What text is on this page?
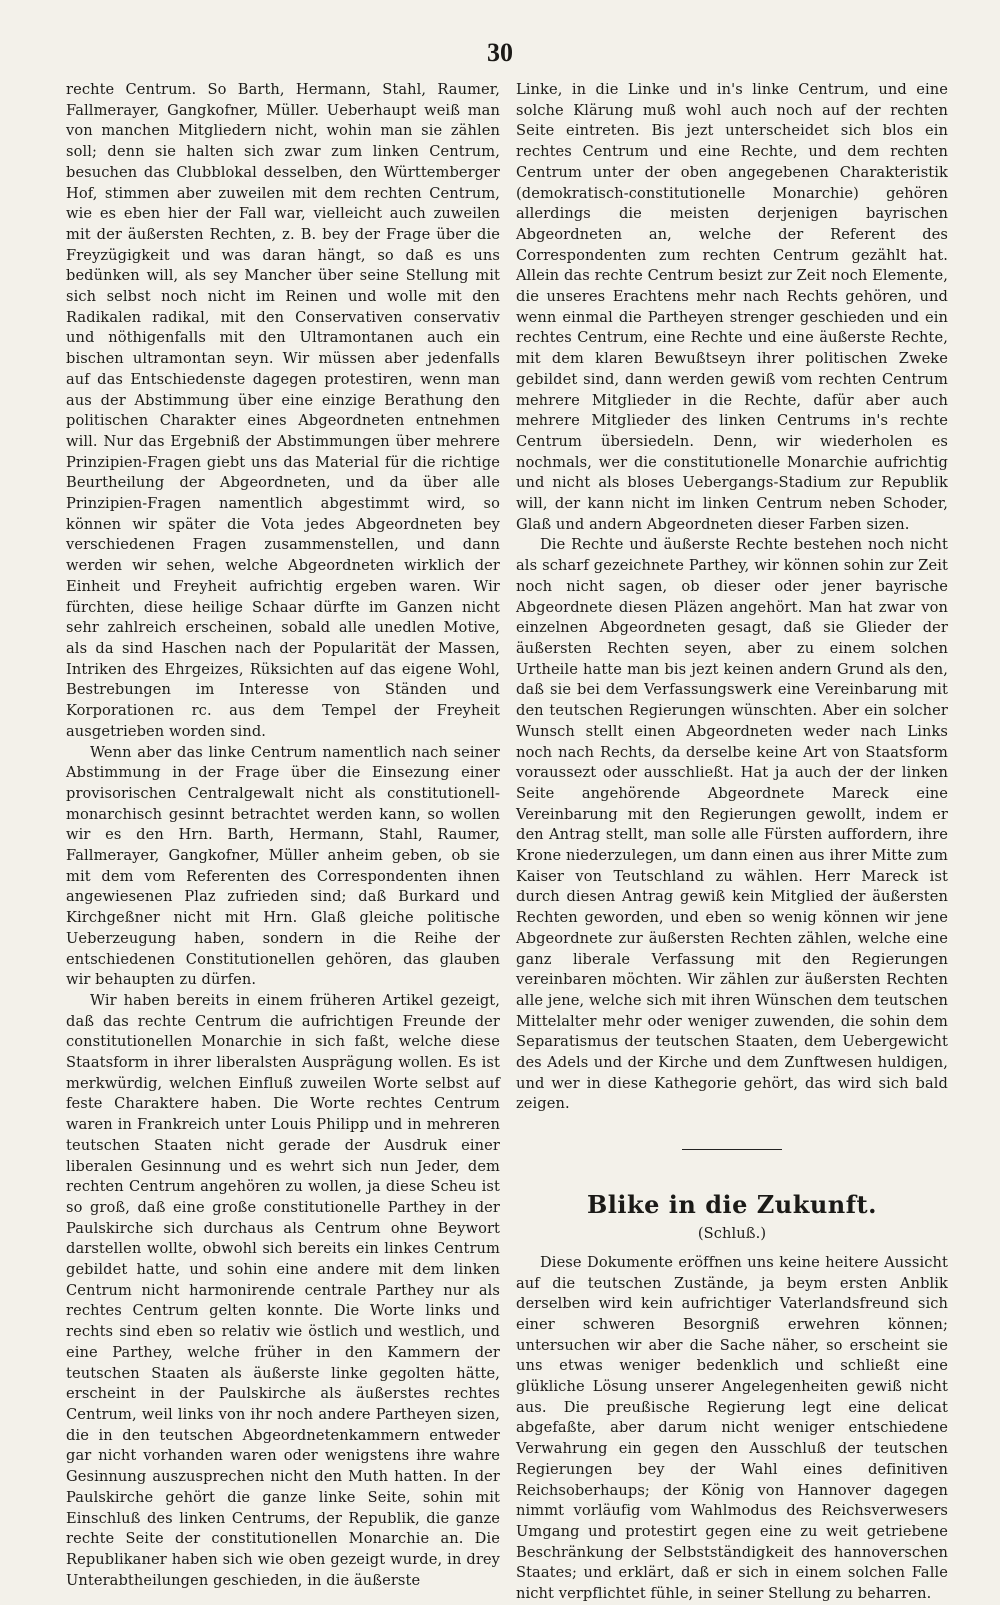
30

rechte Centrum. So Barth, Hermann, Stahl, Raumer, Fallmerayer, Gangkofner, Müller. Ueberhaupt weiß man von manchen Mitgliedern nicht, wohin man sie zählen soll; denn sie halten sich zwar zum linken Centrum, besuchen das Clubblokal desselben, den Württemberger Hof, stimmen aber zuweilen mit dem rechten Centrum, wie es eben hier der Fall war, vielleicht auch zuweilen mit der äußersten Rechten, z. B. bey der Frage über die Freyzügigkeit und was daran hängt, so daß es uns bedünken will, als sey Mancher über seine Stellung mit sich selbst noch nicht im Reinen und wolle mit den Radikalen radikal, mit den Conservativen conservativ und nöthigenfalls mit den Ultramontanen auch ein bischen ultramontan seyn. Wir müssen aber jedenfalls auf das Entschiedenste dagegen protestiren, wenn man aus der Abstimmung über eine einzige Berathung den politischen Charakter eines Abgeordneten entnehmen will. Nur das Ergebniß der Abstimmungen über mehrere Prinzipien-Fragen giebt uns das Material für die richtige Beurtheilung der Abgeordneten, und da über alle Prinzipien-Fragen namentlich abgestimmt wird, so können wir später die Vota jedes Abgeordneten bey verschiedenen Fragen zusammenstellen, und dann werden wir sehen, welche Abgeordneten wirklich der Einheit und Freyheit aufrichtig ergeben waren. Wir fürchten, diese heilige Schaar dürfte im Ganzen nicht sehr zahlreich erscheinen, sobald alle unedlen Motive, als da sind Haschen nach der Popularität der Massen, Intriken des Ehrgeizes, Rüksichten auf das eigene Wohl, Bestrebungen im Interesse von Ständen und Korporationen rc. aus dem Tempel der Freyheit ausgetrieben worden sind.

Wenn aber das linke Centrum namentlich nach seiner Abstimmung in der Frage über die Einsezung einer provisorischen Centralgewalt nicht als constitutionell-monarchisch gesinnt betrachtet werden kann, so wollen wir es den Hrn. Barth, Hermann, Stahl, Raumer, Fallmerayer, Gangkofner, Müller anheim geben, ob sie mit dem vom Referenten des Correspondenten ihnen angewiesenen Plaz zufrieden sind; daß Burkard und Kirchgeßner nicht mit Hrn. Glaß gleiche politische Ueberzeugung haben, sondern in die Reihe der entschiedenen Constitutionellen gehören, das glauben wir behaupten zu dürfen.

Wir haben bereits in einem früheren Artikel gezeigt, daß das rechte Centrum die aufrichtigen Freunde der constitutionellen Monarchie in sich faßt, welche diese Staatsform in ihrer liberalsten Ausprägung wollen. Es ist merkwürdig, welchen Einfluß zuweilen Worte selbst auf feste Charaktere haben. Die Worte rechtes Centrum waren in Frankreich unter Louis Philipp und in mehreren teutschen Staaten nicht gerade der Ausdruk einer liberalen Gesinnung und es wehrt sich nun Jeder, dem rechten Centrum angehören zu wollen, ja diese Scheu ist so groß, daß eine große constitutionelle Parthey in der Paulskirche sich durchaus als Centrum ohne Beywort darstellen wollte, obwohl sich bereits ein linkes Centrum gebildet hatte, und sohin eine andere mit dem linken Centrum nicht harmonirende centrale Parthey nur als rechtes Centrum gelten konnte. Die Worte links und rechts sind eben so relativ wie östlich und westlich, und eine Parthey, welche früher in den Kammern der teutschen Staaten als äußerste linke gegolten hätte, erscheint in der Paulskirche als äußerstes rechtes Centrum, weil links von ihr noch andere Partheyen sizen, die in den teutschen Abgeordnetenkammern entweder gar nicht vorhanden waren oder wenigstens ihre wahre Gesinnung auszusprechen nicht den Muth hatten. In der Paulskirche gehört die ganze linke Seite, sohin mit Einschluß des linken Centrums, der Republik, die ganze rechte Seite der constitutionellen Monarchie an. Die Republikaner haben sich wie oben gezeigt wurde, in drey Unterabtheilungen geschieden, in die äußerste

Linke, in die Linke und in's linke Centrum, und eine solche Klärung muß wohl auch noch auf der rechten Seite eintreten. Bis jezt unterscheidet sich blos ein rechtes Centrum und eine Rechte, und dem rechten Centrum unter der oben angegebenen Charakteristik (demokratisch-constitutionelle Monarchie) gehören allerdings die meisten derjenigen bayrischen Abgeordneten an, welche der Referent des Correspondenten zum rechten Centrum gezählt hat. Allein das rechte Centrum besizt zur Zeit noch Elemente, die unseres Erachtens mehr nach Rechts gehören, und wenn einmal die Partheyen strenger geschieden und ein rechtes Centrum, eine Rechte und eine äußerste Rechte, mit dem klaren Bewußtseyn ihrer politischen Zweke gebildet sind, dann werden gewiß vom rechten Centrum mehrere Mitglieder in die Rechte, dafür aber auch mehrere Mitglieder des linken Centrums in's rechte Centrum übersiedeln. Denn, wir wiederholen es nochmals, wer die constitutionelle Monarchie aufrichtig und nicht als bloses Uebergangs-Stadium zur Republik will, der kann nicht im linken Centrum neben Schoder, Glaß und andern Abgeordneten dieser Farben sizen.

Die Rechte und äußerste Rechte bestehen noch nicht als scharf gezeichnete Parthey, wir können sohin zur Zeit noch nicht sagen, ob dieser oder jener bayrische Abgeordnete diesen Pläzen angehört. Man hat zwar von einzelnen Abgeordneten gesagt, daß sie Glieder der äußersten Rechten seyen, aber zu einem solchen Urtheile hatte man bis jezt keinen andern Grund als den, daß sie bei dem Verfassungswerk eine Vereinbarung mit den teutschen Regierungen wünschten. Aber ein solcher Wunsch stellt einen Abgeordneten weder nach Links noch nach Rechts, da derselbe keine Art von Staatsform voraussezt oder ausschließt. Hat ja auch der der linken Seite angehörende Abgeordnete Mareck eine Vereinbarung mit den Regierungen gewollt, indem er den Antrag stellt, man solle alle Fürsten auffordern, ihre Krone niederzulegen, um dann einen aus ihrer Mitte zum Kaiser von Teutschland zu wählen. Herr Mareck ist durch diesen Antrag gewiß kein Mitglied der äußersten Rechten geworden, und eben so wenig können wir jene Abgeordnete zur äußersten Rechten zählen, welche eine ganz liberale Verfassung mit den Regierungen vereinbaren möchten. Wir zählen zur äußersten Rechten alle jene, welche sich mit ihren Wünschen dem teutschen Mittelalter mehr oder weniger zuwenden, die sohin dem Separatismus der teutschen Staaten, dem Uebergewicht des Adels und der Kirche und dem Zunftwesen huldigen, und wer in diese Kathegorie gehört, das wird sich bald zeigen.

Blike in die Zukunft.
(Schluß.)

Diese Dokumente eröffnen uns keine heitere Aussicht auf die teutschen Zustände, ja beym ersten Anblik derselben wird kein aufrichtiger Vaterlandsfreund sich einer schweren Besorgniß erwehren können; untersuchen wir aber die Sache näher, so erscheint sie uns etwas weniger bedenklich und schließt eine glükliche Lösung unserer Angelegenheiten gewiß nicht aus. Die preußische Regierung legt eine delicat abgefaßte, aber darum nicht weniger entschiedene Verwahrung ein gegen den Ausschluß der teutschen Regierungen bey der Wahl eines definitiven Reichsoberhaups; der König von Hannover dagegen nimmt vorläufig vom Wahlmodus des Reichsverwesers Umgang und protestirt gegen eine zu weit getriebene Beschränkung der Selbstständigkeit des hannoverschen Staates; und erklärt, daß er sich in einem solchen Falle nicht verpflichtet fühle, in seiner Stellung zu beharren.
